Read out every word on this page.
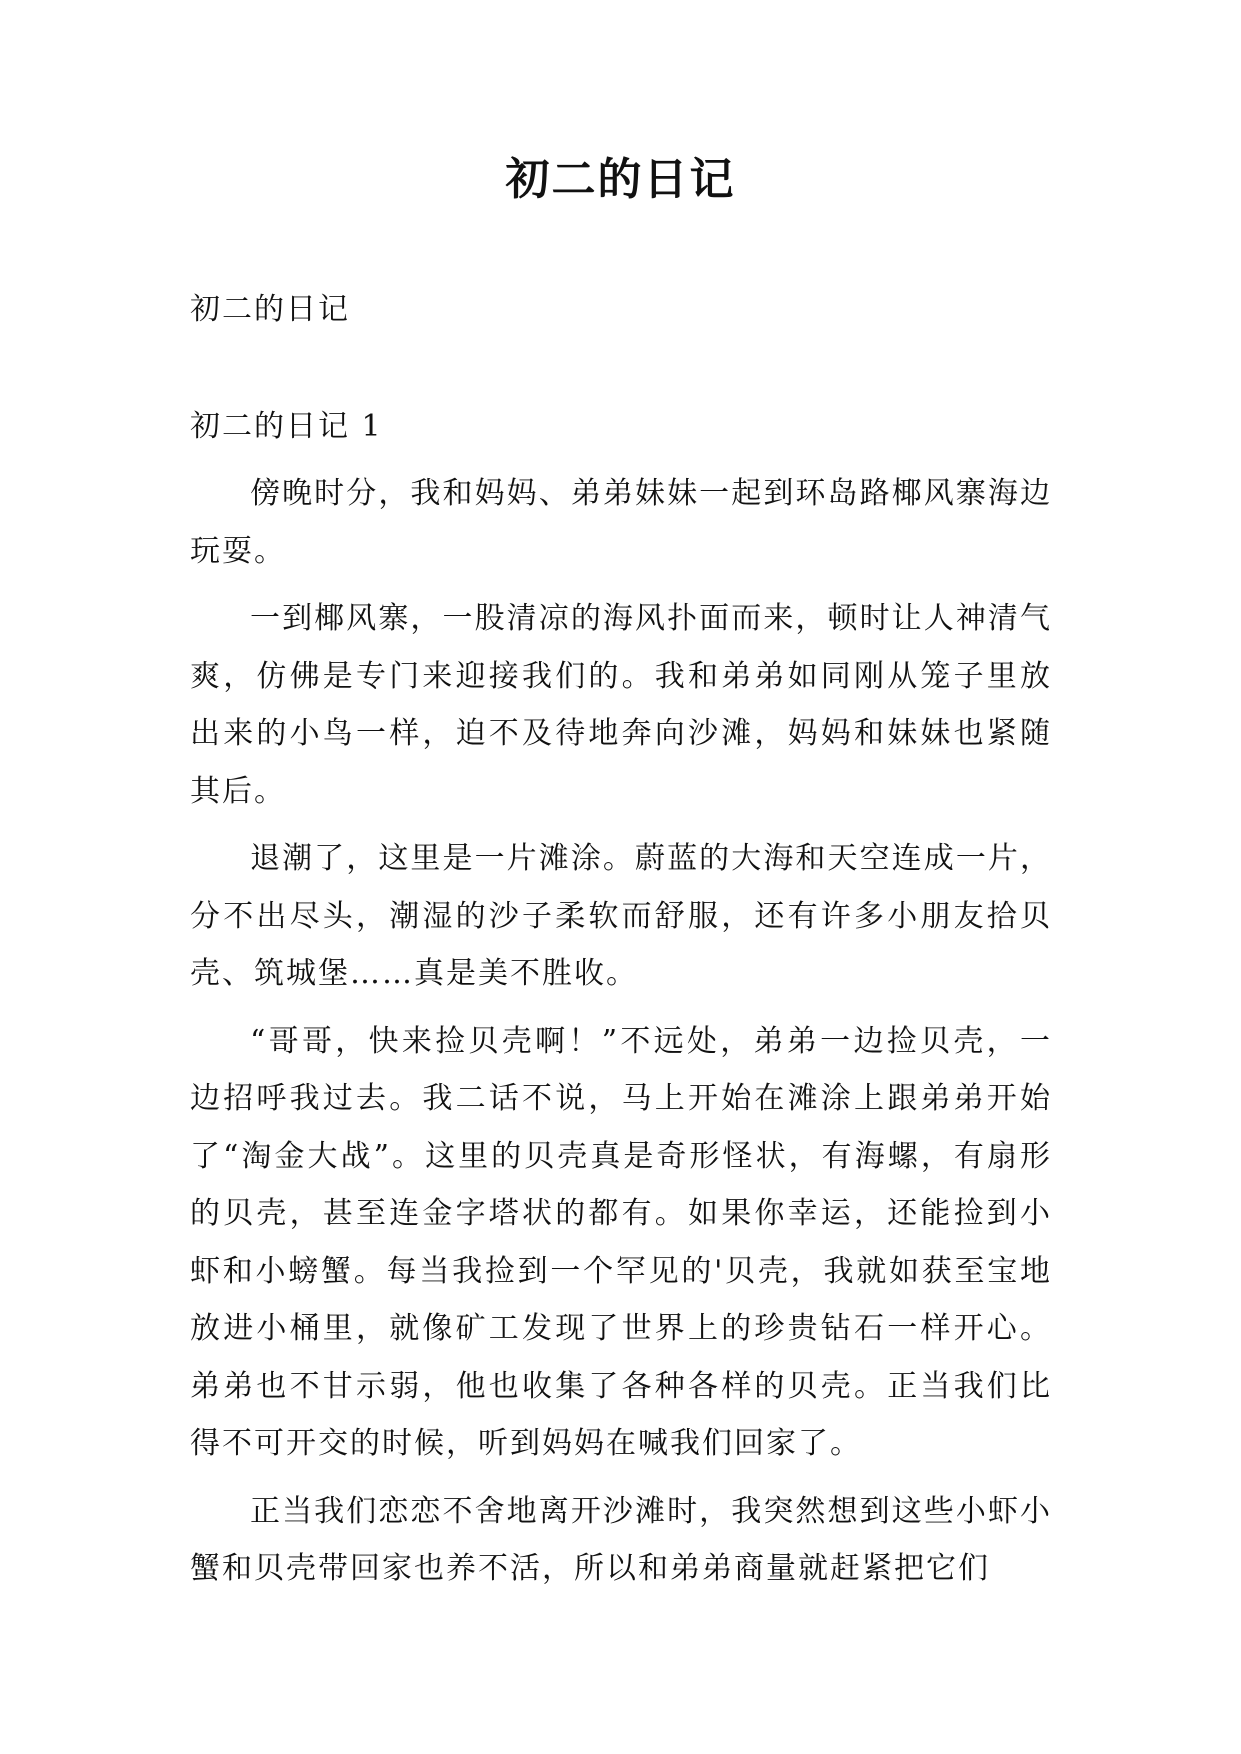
初二的日记
初二的日记
初二的日记 1

傍晚时分，我和妈妈、弟弟妹妹一起到环岛路椰风寨海边玩耍。

一到椰风寨，一股清凉的海风扑面而来，顿时让人神清气爽，仿佛是专门来迎接我们的。我和弟弟如同刚从笼子里放出来的小鸟一样，迫不及待地奔向沙滩，妈妈和妹妹也紧随其后。

退潮了，这里是一片滩涂。蔚蓝的大海和天空连成一片，分不出尽头，潮湿的沙子柔软而舒服，还有许多小朋友拾贝壳、筑城堡……真是美不胜收。

“哥哥，快来捡贝壳啊！”不远处，弟弟一边捡贝壳，一边招呼我过去。我二话不说，马上开始在滩涂上跟弟弟开始了“淘金大战”。这里的贝壳真是奇形怪状，有海螺，有扇形的贝壳，甚至连金字塔状的都有。如果你幸运，还能捡到小虾和小螃蟹。每当我捡到一个罕见的'贝壳，我就如获至宝地放进小桶里，就像矿工发现了世界上的珍贵钻石一样开心。弟弟也不甘示弱，他也收集了各种各样的贝壳。正当我们比得不可开交的时候，听到妈妈在喊我们回家了。

正当我们恋恋不舍地离开沙滩时，我突然想到这些小虾小蟹和贝壳带回家也养不活，所以和弟弟商量就赶紧把它们
